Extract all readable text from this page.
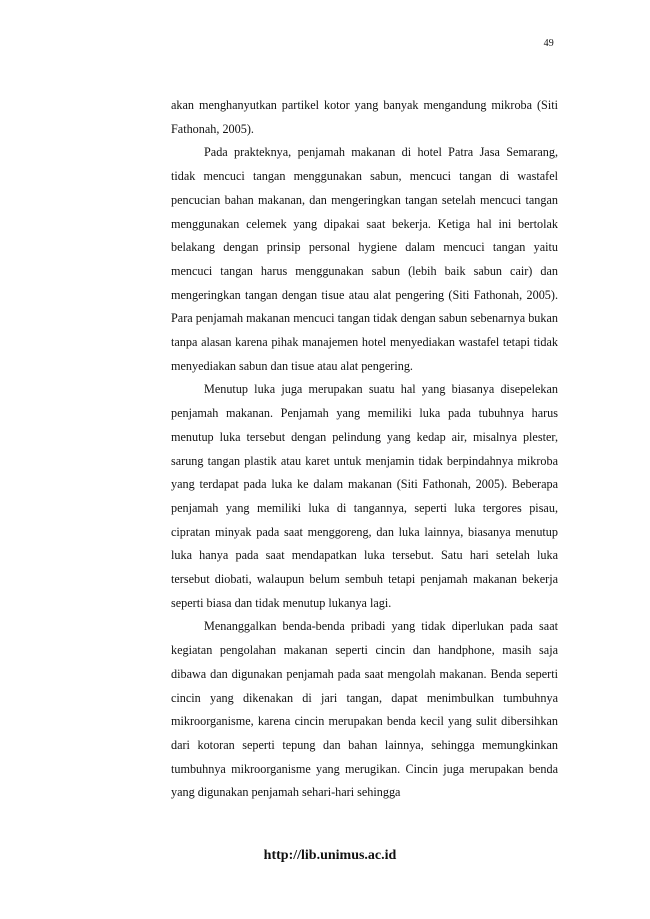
49

akan menghanyutkan partikel kotor yang banyak mengandung mikroba (Siti Fathonah, 2005).

Pada prakteknya, penjamah makanan di hotel Patra Jasa Semarang, tidak mencuci tangan menggunakan sabun, mencuci tangan di wastafel pencucian bahan makanan, dan mengeringkan tangan setelah mencuci tangan menggunakan celemek yang dipakai saat bekerja. Ketiga hal ini bertolak belakang dengan prinsip personal hygiene dalam mencuci tangan yaitu mencuci tangan harus menggunakan sabun (lebih baik sabun cair) dan mengeringkan tangan dengan tisue atau alat pengering (Siti Fathonah, 2005). Para penjamah makanan mencuci tangan tidak dengan sabun sebenarnya bukan tanpa alasan karena pihak manajemen hotel menyediakan wastafel tetapi tidak menyediakan sabun dan tisue atau alat pengering.

Menutup luka juga merupakan suatu hal yang biasanya disepelekan penjamah makanan. Penjamah yang memiliki luka pada tubuhnya harus menutup luka tersebut dengan pelindung yang kedap air, misalnya plester, sarung tangan plastik atau karet untuk menjamin tidak berpindahnya mikroba yang terdapat pada luka ke dalam makanan (Siti Fathonah, 2005). Beberapa penjamah yang memiliki luka di tangannya, seperti luka tergores pisau, cipratan minyak pada saat menggoreng, dan luka lainnya, biasanya menutup luka hanya pada saat mendapatkan luka tersebut. Satu hari setelah luka tersebut diobati, walaupun belum sembuh tetapi penjamah makanan bekerja seperti biasa dan tidak menutup lukanya lagi.

Menanggalkan benda-benda pribadi yang tidak diperlukan pada saat kegiatan pengolahan makanan seperti cincin dan handphone, masih saja dibawa dan digunakan penjamah pada saat mengolah makanan. Benda seperti cincin yang dikenakan di jari tangan, dapat menimbulkan tumbuhnya mikroorganisme, karena cincin merupakan benda kecil yang sulit dibersihkan dari kotoran seperti tepung dan bahan lainnya, sehingga memungkinkan tumbuhnya mikroorganisme yang merugikan. Cincin juga merupakan benda yang digunakan penjamah sehari-hari sehingga

http://lib.unimus.ac.id
